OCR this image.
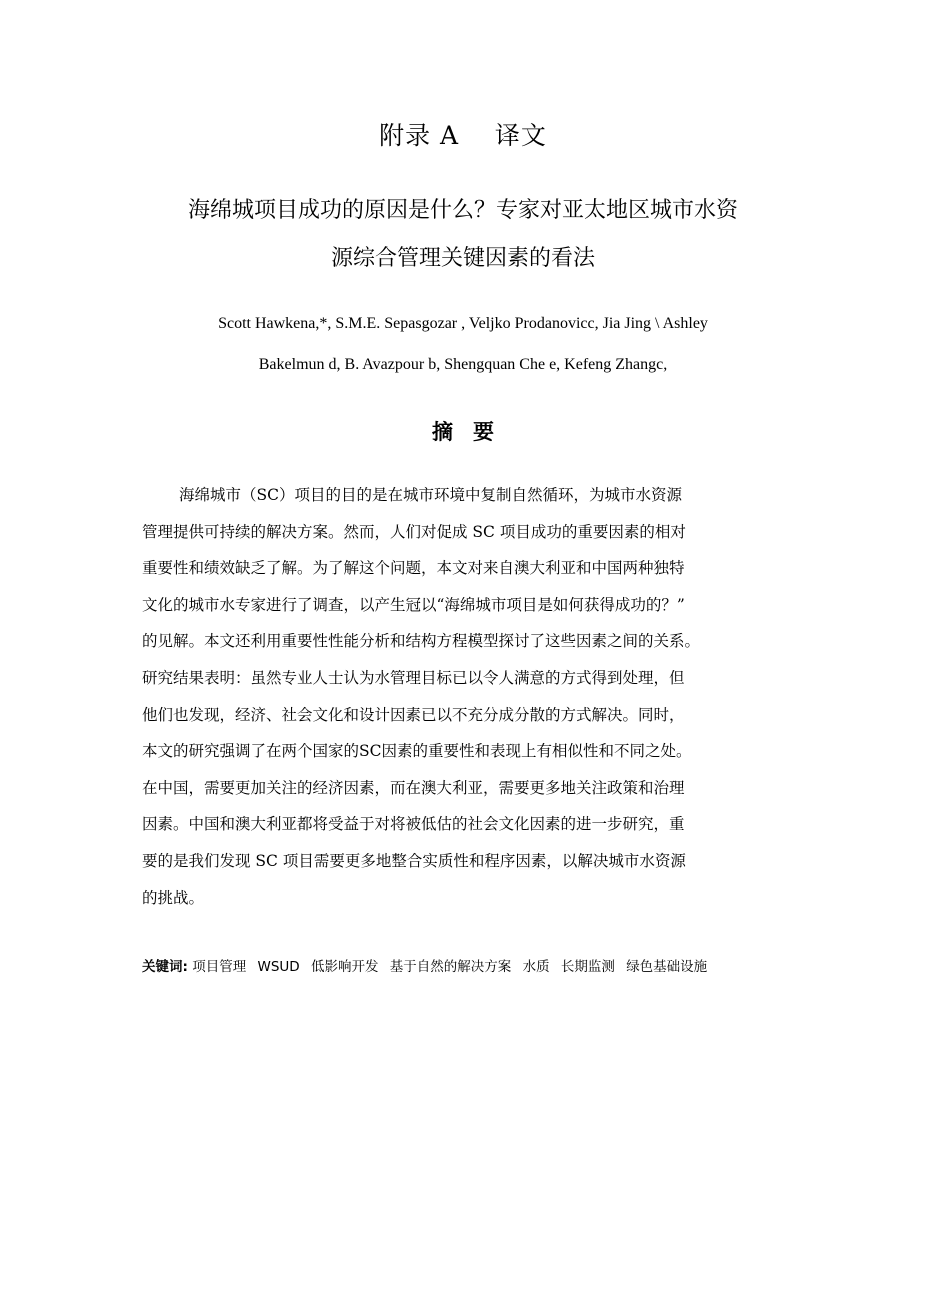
附录 A    译文
海绵城项目成功的原因是什么？专家对亚太地区城市水资
源综合管理关键因素的看法
Scott Hawkena,*, S.M.E. Sepasgozar , Veljko Prodanovicc, Jia Jing \ Ashley
Bakelmun d, B. Avazpour b, Shengquan Che e, Kefeng Zhangc,
摘要
海绵城市（SC）项目的目的是在城市环境中复制自然循环，为城市水资源
管理提供可持续的解决方案。然而，人们对促成 SC 项目成功的重要因素的相对
重要性和绩效缺乏了解。为了解这个问题，本文对来自澳大利亚和中国两种独特
文化的城市水专家进行了调查，以产生冠以“海绵城市项目是如何获得成功的？”
的见解。本文还利用重要性性能分析和结构方程模型探讨了这些因素之间的关系。
研究结果表明：虽然专业人士认为水管理目标已以令人满意的方式得到处理，但
他们也发现，经济、社会文化和设计因素已以不充分成分散的方式解决。同时，
本文的研究强调了在两个国家的SC因素的重要性和表现上有相似性和不同之处。
在中国，需要更加关注的经济因素，而在澳大利亚，需要更多地关注政策和治理
因素。中国和澳大利亚都将受益于对将被低估的社会文化因素的进一步研究，重
要的是我们发现 SC 项目需要更多地整合实质性和程序因素，以解决城市水资源
的挑战。
关键词: 项目管理 WSUD 低影响开发 基于自然的解决方案 水质 长期监测 绿色基础设施
